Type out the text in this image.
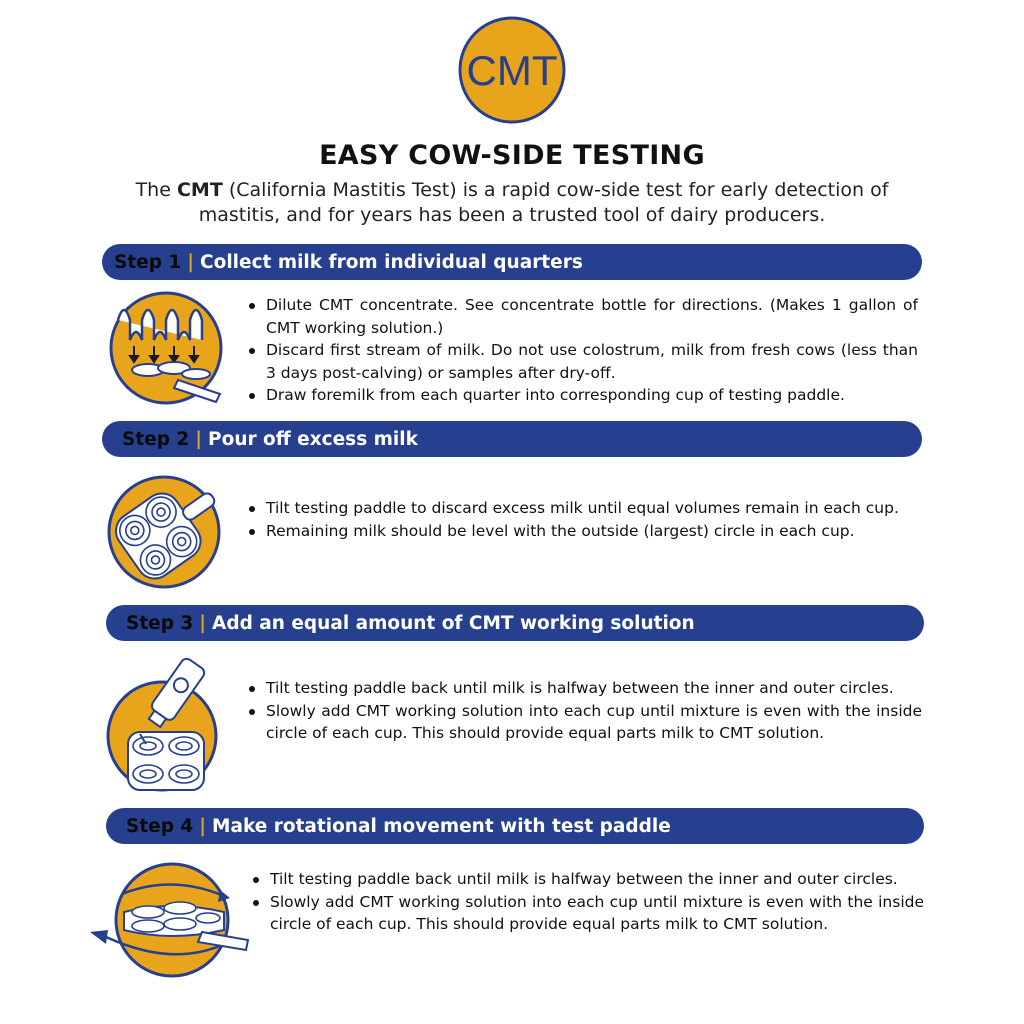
CMT
EASY COW-SIDE TESTING
The CMT (California Mastitis Test) is a rapid cow-side test for early detection of mastitis, and for years has been a trusted tool of dairy producers.
Step 1 | Collect milk from individual quarters
Dilute CMT concentrate. See concentrate bottle for directions. (Makes 1 gallon of CMT working solution.)
Discard first stream of milk. Do not use colostrum, milk from fresh cows (less than 3 days post-calving) or samples after dry-off.
Draw foremilk from each quarter into corresponding cup of testing paddle.
Step 2 | Pour off excess milk
Tilt testing paddle to discard excess milk until equal volumes remain in each cup.
Remaining milk should be level with the outside (largest) circle in each cup.
Step 3 | Add an equal amount of CMT working solution
Tilt testing paddle back until milk is halfway between the inner and outer circles.
Slowly add CMT working solution into each cup until mixture is even with the inside circle of each cup. This should provide equal parts milk to CMT solution.
Step 4 | Make rotational movement with test paddle
Tilt testing paddle back until milk is halfway between the inner and outer circles.
Slowly add CMT working solution into each cup until mixture is even with the inside circle of each cup. This should provide equal parts milk to CMT solution.
